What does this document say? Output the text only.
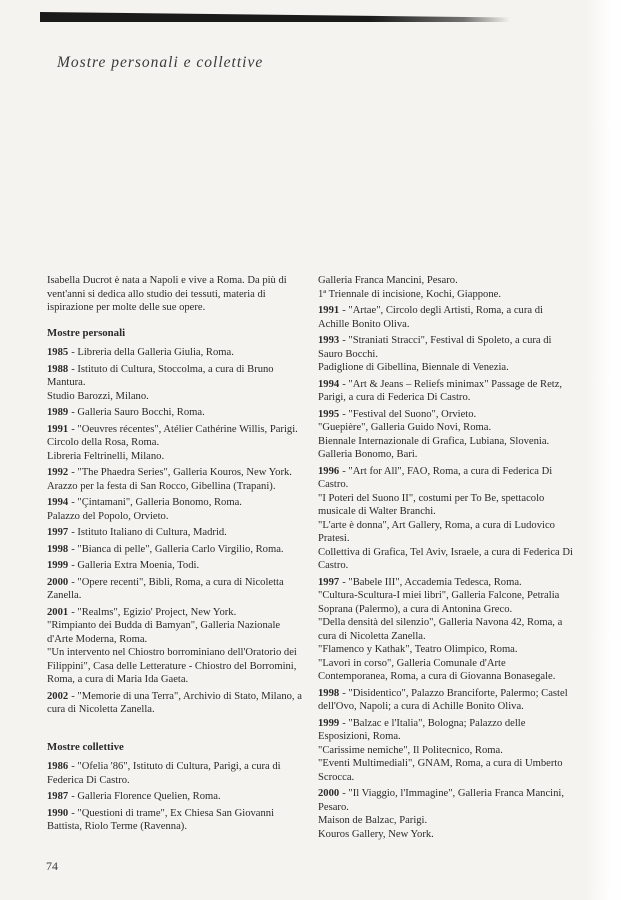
Mostre personali e collettive

Isabella Ducrot è nata a Napoli e vive a Roma. Da più di vent'anni si dedica allo studio dei tessuti, materia di ispirazione per molte delle sue opere.

Mostre personali
1985 - Libreria della Galleria Giulia, Roma.
1988 - Istituto di Cultura, Stoccolma, a cura di Bruno Mantura.
Studio Barozzi, Milano.
1989 - Galleria Sauro Bocchi, Roma.
1991 - "Oeuvres récentes", Atélier Cathérine Willis, Parigi.
Circolo della Rosa, Roma.
Libreria Feltrinelli, Milano.
1992 - "The Phaedra Series", Galleria Kouros, New York.
Arazzo per la festa di San Rocco, Gibellina (Trapani).
1994 - "Çintamani", Galleria Bonomo, Roma.
Palazzo del Popolo, Orvieto.
1997 - Istituto Italiano di Cultura, Madrid.
1998 - "Bianca di pelle", Galleria Carlo Virgilio, Roma.
1999 - Galleria Extra Moenia, Todi.
2000 - "Opere recenti", Bibli, Roma, a cura di Nicoletta Zanella.
2001 - "Realms", Egizio' Project, New York.
"Rimpianto dei Budda di Bamyan", Galleria Nazionale d'Arte Moderna, Roma.
"Un intervento nel Chiostro borrominiano dell'Oratorio dei Filippini", Casa delle Letterature - Chiostro del Borromini, Roma, a cura di Maria Ida Gaeta.
2002 - "Memorie di una Terra", Archivio di Stato, Milano, a cura di Nicoletta Zanella.
Mostre collettive
1986 - "Ofelia '86", Istituto di Cultura, Parigi, a cura di Federica Di Castro.
1987 - Galleria Florence Quelien, Roma.
1990 - "Questioni di trame", Ex Chiesa San Giovanni Battista, Riolo Terme (Ravenna).
Galleria Franca Mancini, Pesaro.
1ª Triennale di incisione, Kochi, Giappone.
1991 - "Artae", Circolo degli Artisti, Roma, a cura di Achille Bonito Oliva.
1993 - "Straniati Stracci", Festival di Spoleto, a cura di Sauro Bocchi.
Padiglione di Gibellina, Biennale di Venezia.
1994 - "Art & Jeans – Reliefs minimax" Passage de Retz, Parigi, a cura di Federica Di Castro.
1995 - "Festival del Suono", Orvieto.
"Guepière", Galleria Guido Novi, Roma.
Biennale Internazionale di Grafica, Lubiana, Slovenia.
Galleria Bonomo, Bari.
1996 - "Art for All", FAO, Roma, a cura di Federica Di Castro.
"I Poteri del Suono II", costumi per To Be, spettacolo musicale di Walter Branchi.
"L'arte è donna", Art Gallery, Roma, a cura di Ludovico Pratesi.
Collettiva di Grafica, Tel Aviv, Israele, a cura di Federica Di Castro.
1997 - "Babele III", Accademia Tedesca, Roma.
"Cultura-Scultura-I miei libri", Galleria Falcone, Petralia Soprana (Palermo), a cura di Antonina Greco.
"Della densità del silenzio", Galleria Navona 42, Roma, a cura di Nicoletta Zanella.
"Flamenco y Kathak", Teatro Olimpico, Roma.
"Lavori in corso", Galleria Comunale d'Arte Contemporanea, Roma, a cura di Giovanna Bonasegale.
1998 - "Disidentico", Palazzo Branciforte, Palermo; Castel dell'Ovo, Napoli; a cura di Achille Bonito Oliva.
1999 - "Balzac e l'Italia", Bologna; Palazzo delle Esposizioni, Roma.
"Carissime nemiche", Il Politecnico, Roma.
"Eventi Multimediali", GNAM, Roma, a cura di Umberto Scrocca.
2000 - "Il Viaggio, l'Immagine", Galleria Franca Mancini, Pesaro.
Maison de Balzac, Parigi.
Kouros Gallery, New York.
74
